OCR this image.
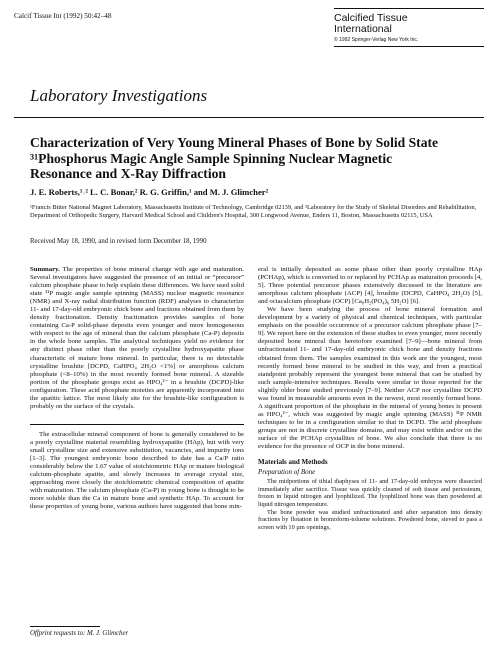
Calcif Tissue Int (1992) 50:42–48	Calcified Tissue
International
© 1992 Springer-Verlag New York Inc.
Laboratory Investigations
Characterization of Very Young Mineral Phases of Bone by Solid State
³¹Phosphorus Magic Angle Sample Spinning Nuclear Magnetic
Resonance and X-Ray Diffraction
J. E. Roberts,¹˒² L. C. Bonar,² R. G. Griffin,¹ and M. J. Glimcher²
¹Francis Bitter National Magnet Laboratory, Massachusetts Institute of Technology, Cambridge 02139, and ²Laboratory for the Study of Skeletal Disorders and Rehabilitation, Department of Orthopedic Surgery, Harvard Medical School and Children's Hospital, 300 Longwood Avenue, Enders 11, Boston, Massachusetts 02115, USA
Received May 18, 1990, and in revised form December 18, 1990

Summary. The properties of bone mineral change with age and maturation. Several investigators have suggested the presence of an initial or “precursor” calcium phosphate phase to help explain these differences. We have used solid state ³¹P magic angle sample spinning (MASS) nuclear magnetic resonance (NMR) and X-ray radial distribution function (RDF) analyses to characterize 11- and 17-day-old embryonic chick bone and fractions obtained from them by density fractionation. Density fractionation provides samples of bone containing Ca-P solid-phase deposits even younger and more homogeneous with respect to the age of mineral than the calcium phosphate (Ca-P) deposits in the whole bone samples. The analytical techniques yield no evidence for any distinct phase other than the poorly crystalline hydroxyapatite phase characteristic of mature bone mineral. In particular, there is no detectable crystalline brushite [DCPD, CaHPO₄ 2H₂O <1%] or amorphous calcium phosphate (<8–10%) in the most recently formed bone mineral. A sizeable portion of the phosphate groups exist as HPO₄²⁻ in a brushite (DCPD)-like configuration. These acid phosphate moieties are apparently incorporated into the apatitic lattice. The most likely site for the brushite-like configuration is probably on the surface of the crystals.

The extracellular mineral component of bone is generally considered to be a poorly crystalline material resembling hydroxyapatite (HAp), but with very small crystalline size and extensive substitution, vacancies, and impurity ions [1–3]. The youngest embryonic bone described to date has a Ca/P ratio considerably below the 1.67 value of stoichiometric HAp or mature biological calcium-phosphate apatite, and slowly increases in average crystal size, approaching more closely the stoichiometric chemical composition of apatite with maturation. The calcium phosphate (Ca-P) in young bone is thought to be more soluble than the Ca in mature bone and synthetic HAp. To account for these properties of young bone, various authors have suggested that bone min-

eral is initially deposited as some phase other than poorly crystalline HAp (PCHAp), which is converted to or replaced by PCHAp as maturation proceeds [4, 5]. Three potential precursor phases extensively discussed in the literature are amorphous calcium phosphate (ACP) [4], brushite (DCPD, CaHPO₄ 2H₂O) [5], and octacalcium phosphate (OCP) [Ca₈H₂(PO₄)₆ 5H₂O] [6].

We have been studying the process of bone mineral formation and development by a variety of physical and chemical techniques, with particular emphasis on the possible occurrence of a precursor calcium phosphate phase [7–9]. We report here on the extension of these studies to even younger, more recently deposited bone mineral than heretofore examined [7–9]—bone mineral from unfractionated 11- and 17-day-old embryonic chick bone and density fractions obtained from them. The samples examined in this work are the youngest, most recently formed bone mineral to be studied in this way, and from a practical standpoint probably represent the youngest bone mineral that can be studied by such sample-intensive techniques. Results were similar to those reported for the slightly older bone studied previously [7–9]. Neither ACP nor crystalline DCPD was found in measurable amounts even in the newest, most recently formed bone. A significant proportion of the phosphate in the mineral of young bones is present as HPO₄²⁻, which was suggested by magic angle spinning (MASS) ³¹P NMR techniques to be in a configuration similar to that in DCPD. The acid phosphate groups are not in discrete crystalline domains, and may exist within and/or on the surface of the PCHAp crystallites of bone. We also conclude that there is no evidence for the presence of OCP in the bone mineral.

Materials and Methods
Preparation of Bone

The midportions of tibial diaphyses of 11- and 17-day-old embryos were dissected immediately after sacrifice. Tissue was quickly cleaned of soft tissue and periosteum, frozen in liquid nitrogen and lyophilized. The lyophilized bone was then powdered at liquid nitrogen temperature.

The bone powder was studied unfractionated and after separation into density fractions by flotation in bromoform-toluene solutions. Powdered bone, sieved to pass a screen with 10 µm openings,

Offprint requests to: M. J. Glimcher
